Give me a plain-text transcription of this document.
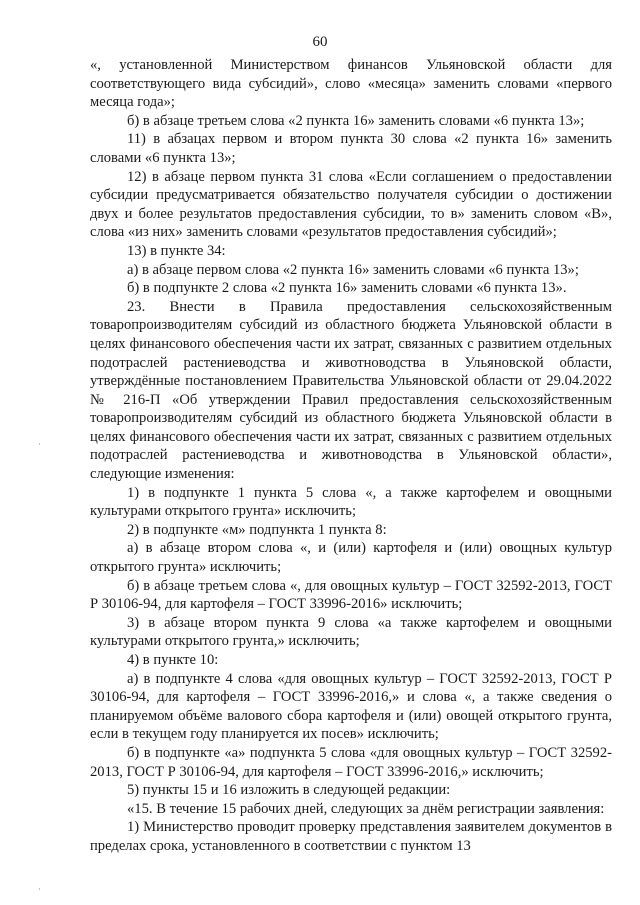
60

«, установленной Министерством финансов Ульяновской области для соответствующего вида субсидий», слово «месяца» заменить словами «первого месяца года»;

б) в абзаце третьем слова «2 пункта 16» заменить словами «6 пункта 13»;

11) в абзацах первом и втором пункта 30 слова «2 пункта 16» заменить словами «6 пункта 13»;

12) в абзаце первом пункта 31 слова «Если соглашением о предоставлении субсидии предусматривается обязательство получателя субсидии о достижении двух и более результатов предоставления субсидии, то в» заменить словом «В», слова «из них» заменить словами «результатов предоставления субсидий»;

13) в пункте 34:

а) в абзаце первом слова «2 пункта 16» заменить словами «6 пункта 13»;

б) в подпункте 2 слова «2 пункта 16» заменить словами «6 пункта 13».

23. Внести в Правила предоставления сельскохозяйственным товаропроизводителям субсидий из областного бюджета Ульяновской области в целях финансового обеспечения части их затрат, связанных с развитием отдельных подотраслей растениеводства и животноводства в Ульяновской области, утверждённые постановлением Правительства Ульяновской области от 29.04.2022 № 216-П «Об утверждении Правил предоставления сельскохозяйственным товаропроизводителям субсидий из областного бюджета Ульяновской области в целях финансового обеспечения части их затрат, связанных с развитием отдельных подотраслей растениеводства и животноводства в Ульяновской области», следующие изменения:

1) в подпункте 1 пункта 5 слова «, а также картофелем и овощными культурами открытого грунта» исключить;

2) в подпункте «м» подпункта 1 пункта 8:

а) в абзаце втором слова «, и (или) картофеля и (или) овощных культур открытого грунта» исключить;

б) в абзаце третьем слова «, для овощных культур – ГОСТ 32592-2013, ГОСТ Р 30106-94, для картофеля – ГОСТ 33996-2016» исключить;

3) в абзаце втором пункта 9 слова «а также картофелем и овощными культурами открытого грунта,» исключить;

4) в пункте 10:

а) в подпункте 4 слова «для овощных культур – ГОСТ 32592-2013, ГОСТ Р 30106-94, для картофеля – ГОСТ 33996-2016,» и слова «, а также сведения о планируемом объёме валового сбора картофеля и (или) овощей открытого грунта, если в текущем году планируется их посев» исключить;

б) в подпункте «а» подпункта 5 слова «для овощных культур – ГОСТ 32592-2013, ГОСТ Р 30106-94, для картофеля – ГОСТ 33996-2016,» исключить;

5) пункты 15 и 16 изложить в следующей редакции:

«15. В течение 15 рабочих дней, следующих за днём регистрации заявления:

1) Министерство проводит проверку представления заявителем документов в пределах срока, установленного в соответствии с пунктом 13

·
·
